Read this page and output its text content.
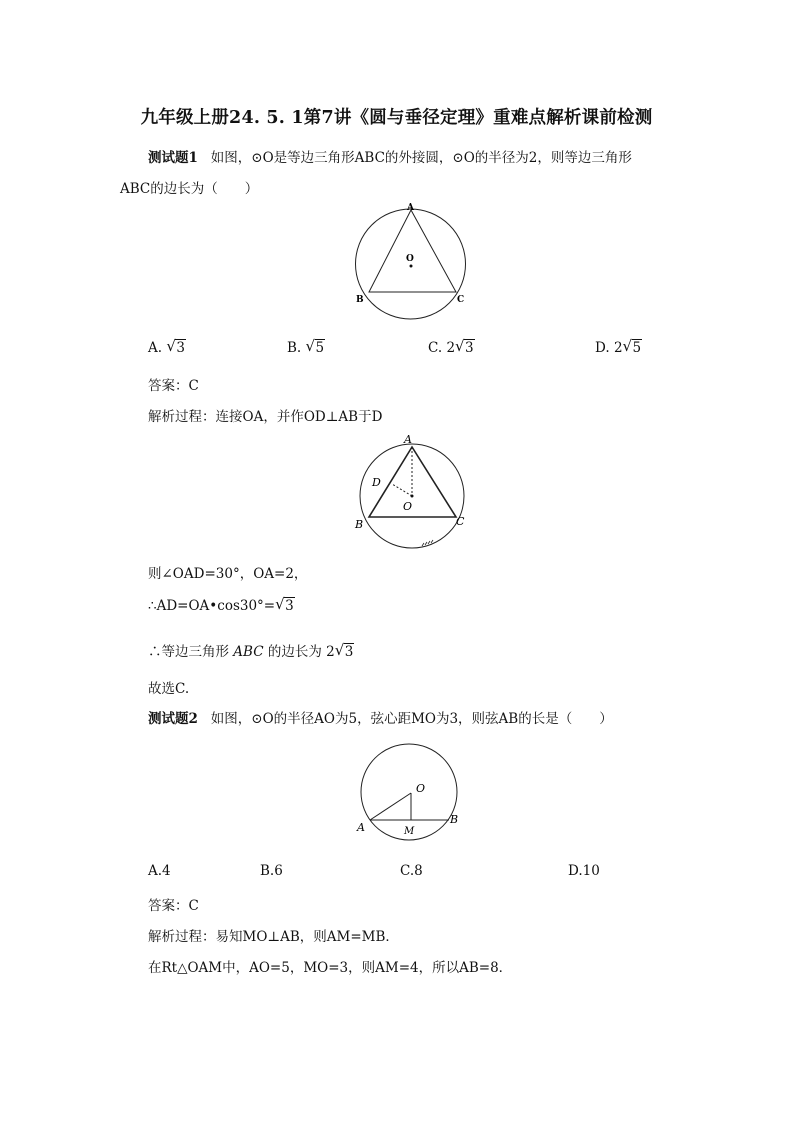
九年级上册24. 5. 1第7讲《圆与垂径定理》重难点解析课前检测
测试题1 如图，⊙O是等边三角形ABC的外接圆，⊙O的半径为2，则等边三角形
ABC的边长为（　　）
A
O
B	C
A. √ 3	B. √ 5	C. 2 √ 3	D. 2 √ 5
答案：C
解析过程：连接OA，并作OD⊥AB于D
A
D
O
B	C
则∠OAD=30°，OA=2，
∴AD=OA•cos30°= √ 3
∴等边三角形 ABC 的边长为 2 √ 3
故选C.
测试题2 如图，⊙O的半径AO为5，弦心距MO为3，则弦AB的长是（　　）
O
A
B
M
A.4	B.6	C.8	D.10
答案：C
解析过程：易知MO⊥AB，则AM=MB．
在Rt△OAM中，AO=5，MO=3，则AM=4，所以AB=8．
